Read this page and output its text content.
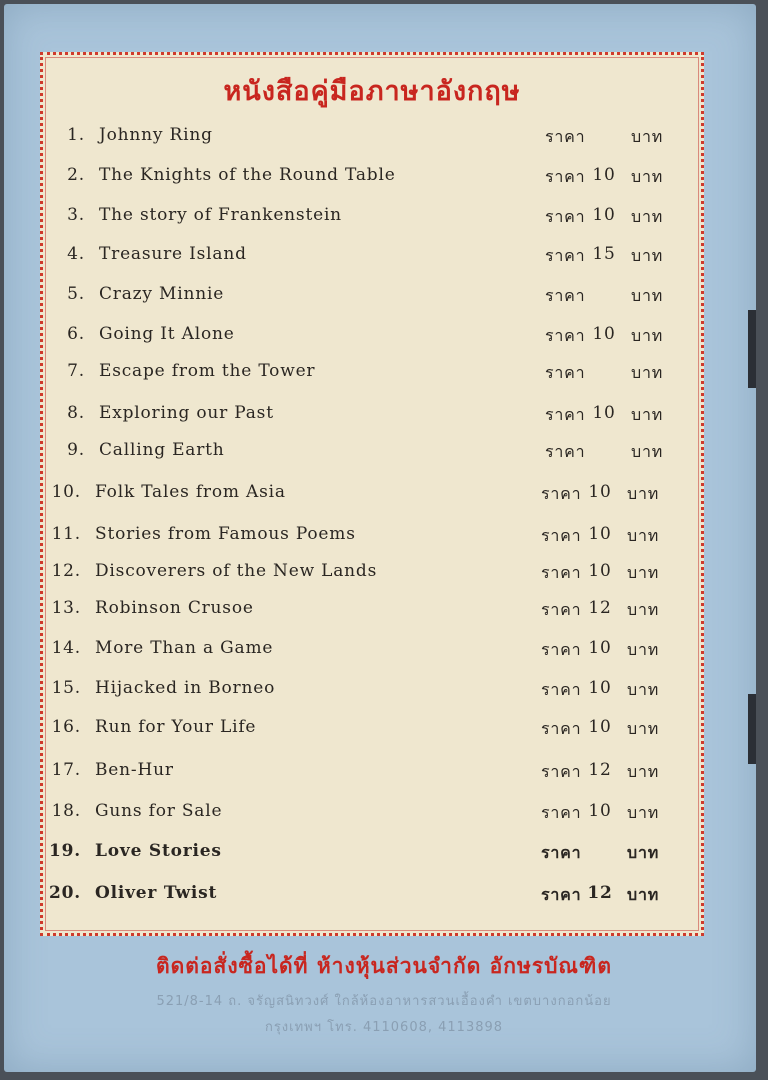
หนังสือคู่มือภาษาอังกฤษ
1. Johnny Ring	ราคา	บาท
2. The Knights of the Round Table	ราคา 10 บาท
3. The story of Frankenstein	ราคา 10 บาท
4. Treasure Island	ราคา 15 บาท
5. Crazy Minnie	ราคา	บาท
6. Going It Alone	ราคา 10 บาท
7. Escape from the Tower	ราคา	บาท
8. Exploring our Past	ราคา 10 บาท
9. Calling Earth	ราคา	บาท
10. Folk Tales from Asia	ราคา 10 บาท
11. Stories from Famous Poems	ราคา 10 บาท
12. Discoverers of the New Lands	ราคา 10 บาท
13. Robinson Crusoe	ราคา 12 บาท
14. More Than a Game	ราคา 10 บาท
15. Hijacked in Borneo	ราคา 10 บาท
16. Run for Your Life	ราคา 10 บาท
17. Ben-Hur	ราคา 12 บาท
18. Guns for Sale	ราคา 10 บาท
19. Love Stories	ราคา	บาท
20. Oliver Twist	ราคา 12 บาท
ติดต่อสั่งซื้อได้ที่ ห้างหุ้นส่วนจำกัด อักษรบัณฑิต
521/8-14 ถ. จรัญสนิทวงศ์ ใกล้ห้องอาหารสวนเอื้องคำ เขตบางกอกน้อย
กรุงเทพฯ โทร. 4110608, 4113898
